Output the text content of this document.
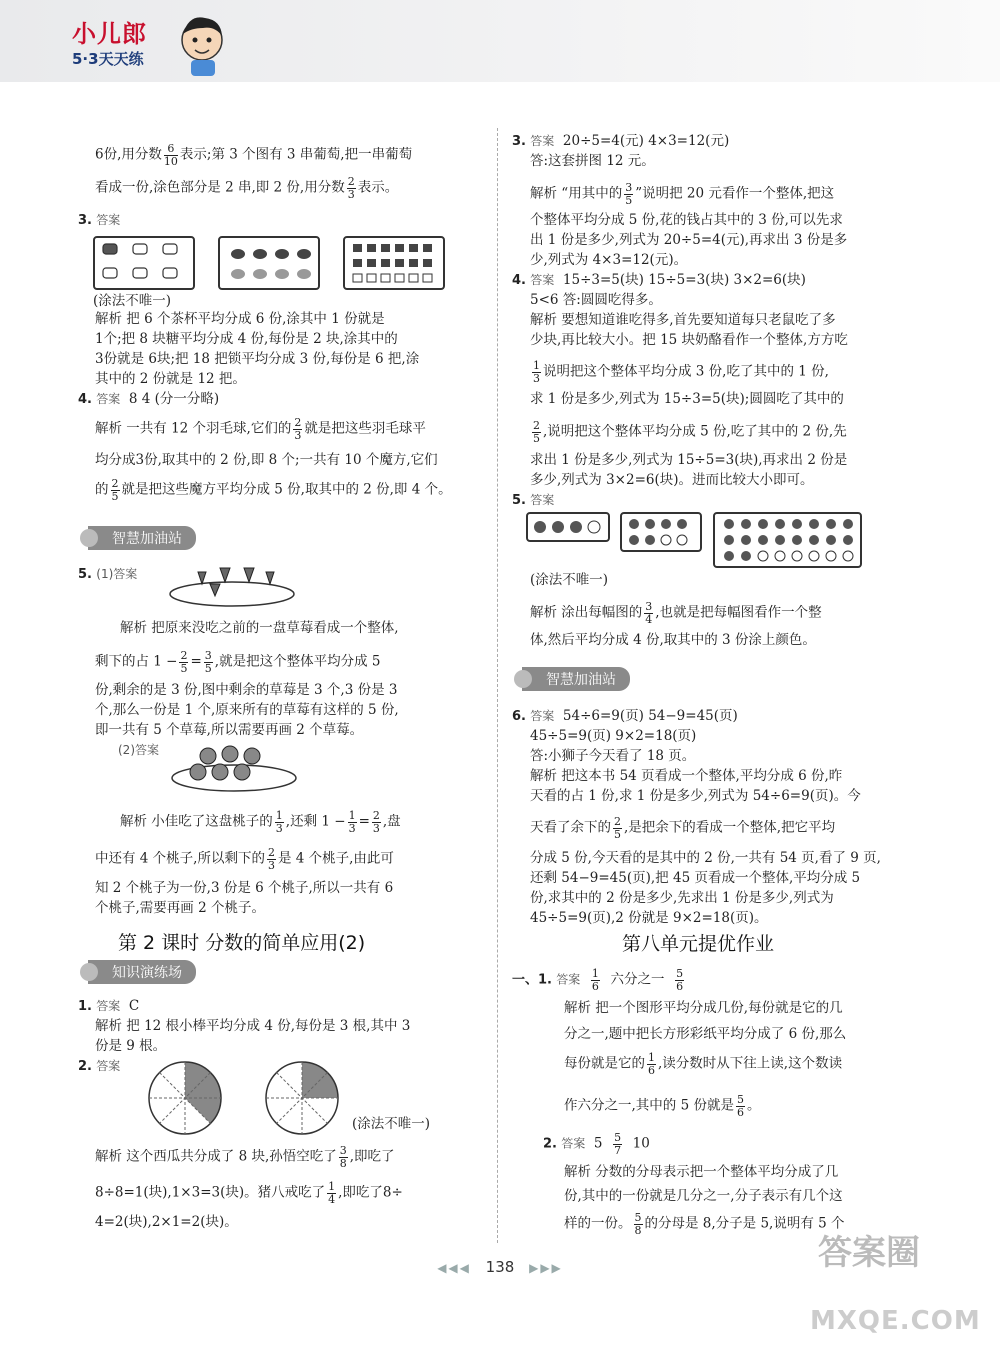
小儿郎
5·3天天练
6份,用分数 $\frac{6}{10}$ 表示;第 3 个图有 3 串葡萄,把一串葡萄
看成一份,涂色部分是 2 串,即 2 份,用分数 $\frac{2}{3}$ 表示。
3. 答案
(涂法不唯一)
解析 把 6 个茶杯平均分成 6 份,涂其中 1 份就是
1个;把 8 块糖平均分成 4 份,每份是 2 块,涂其中的
3份就是 6块;把 18 把锁平均分成 3 份,每份是 6 把,涂
其中的 2 份就是 12 把。
4. 答案 8 4 (分一分略)
解析 一共有 12 个羽毛球,它们的 $\frac{2}{3}$ 就是把这些羽毛球平
均分成3份,取其中的 2 份,即 8 个;一共有 10 个魔方,它们
的 $\frac{2}{5}$ 就是把这些魔方平均分成 5 份,取其中的 2 份,即 4 个。
智慧加油站
5. (1)答案
解析 把原来没吃之前的一盘草莓看成一个整体,
剩下的占 $1 - \frac{2}{5} = \frac{3}{5}$ ,就是把这个整体平均分成 5
份,剩余的是 3 份,图中剩余的草莓是 3 个,3 份是 3
个,那么一份是 1 个,原来所有的草莓有这样的 5 份,
即一共有 5 个草莓,所以需要再画 2 个草莓。
(2)答案
解析 小佳吃了这盘桃子的 $\frac{1}{3}$ ,还剩 $1 - \frac{1}{3} = \frac{2}{3}$ ,盘
中还有 4 个桃子,所以剩下的 $\frac{2}{3}$ 是 4 个桃子,由此可
知 2 个桃子为一份,3 份是 6 个桃子,所以一共有 6
个桃子,需要再画 2 个桃子。
第 2 课时 分数的简单应用(2)
知识演练场
1. 答案 C
解析 把 12 根小棒平均分成 4 份,每份是 3 根,其中 3
份是 9 根。
2. 答案
(涂法不唯一)
解析 这个西瓜共分成了 8 块,孙悟空吃了 $\frac{3}{8}$ ,即吃了
8÷8=1(块),1×3=3(块)。猪八戒吃了 $\frac{1}{4}$ ,即吃了8÷
4=2(块),2×1=2(块)。
3. 答案 20÷5=4(元) 4×3=12(元)
答:这套拼图 12 元。
解析 “用其中的 $\frac{3}{5}$ ”说明把 20 元看作一个整体,把这
个整体平均分成 5 份,花的钱占其中的 3 份,可以先求
出 1 份是多少,列式为 20÷5=4(元),再求出 3 份是多
少,列式为 4×3=12(元)。
4. 答案 15÷3=5(块) 15÷5=3(块) 3×2=6(块)
5<6 答:圆圆吃得多。
解析 要想知道谁吃得多,首先要知道每只老鼠吃了多
少块,再比较大小。把 15 块奶酪看作一个整体,方方吃
$\frac{1}{3}$ 说明把这个整体平均分成 3 份,吃了其中的 1 份,
求 1 份是多少,列式为 15÷3=5(块);圆圆吃了其中的
$\frac{2}{5}$ ,说明把这个整体平均分成 5 份,吃了其中的 2 份,先
求出 1 份是多少,列式为 15÷5=3(块),再求出 2 份是
多少,列式为 3×2=6(块)。进而比较大小即可。
5. 答案
(涂法不唯一)
解析 涂出每幅图的 $\frac{3}{4}$ ,也就是把每幅图看作一个整
体,然后平均分成 4 份,取其中的 3 份涂上颜色。
智慧加油站
6. 答案 54÷6=9(页) 54−9=45(页)
45÷5=9(页) 9×2=18(页)
答:小狮子今天看了 18 页。
解析 把这本书 54 页看成一个整体,平均分成 6 份,昨
天看的占 1 份,求 1 份是多少,列式为 54÷6=9(页)。今
天看了余下的 $\frac{2}{5}$ ,是把余下的看成一个整体,把它平均
分成 5 份,今天看的是其中的 2 份,一共有 54 页,看了 9 页,
还剩 54−9=45(页),把 45 页看成一个整体,平均分成 5
份,求其中的 2 份是多少,先求出 1 份是多少,列式为
45÷5=9(页),2 份就是 9×2=18(页)。
第八单元提优作业
一、1. 答案 $\frac{1}{6}$ 六分之一 $\frac{5}{6}$
解析 把一个图形平均分成几份,每份就是它的几
分之一,题中把长方形彩纸平均分成了 6 份,那么
每份就是它的 $\frac{1}{6}$ ,读分数时从下往上读,这个数读
作六分之一,其中的 5 份就是 $\frac{5}{6}$ 。
2. 答案 $5 \frac{5}{7} 10$
解析 分数的分母表示把一个整体平均分成了几
份,其中的一份就是几分之一,分子表示有几个这
样的一份。 $\frac{5}{8}$ 的分母是 8,分子是 5,说明有 5 个
◀◀◀ 138 ▶▶▶	答案圈
MXQE.COM
